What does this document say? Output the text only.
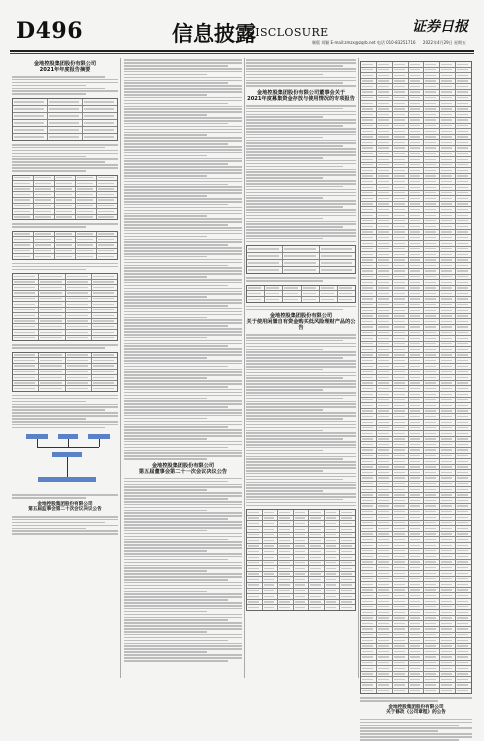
D496	信息披露
DISCLOSURE	证券日报
制版 刘颖 E-mail:zmzx@zqrb.net 电话 010-83251716 2022年4月29日 星期五
金地控股集团股份有限公司
2021年年度报告摘要
金地控股集团股份有限公司
第五届监事会第二十次会议决议公告
金地控股集团股份有限公司
第五届董事会第二十一次会议决议公告
金地控股集团股份有限公司董事会关于
2021年度募集资金存放与使用情况的专项报告
金地控股集团股份有限公司
关于使用闲置自有资金购买低风险理财产品的公告
金地控股集团股份有限公司
关于修改《公司章程》的公告
